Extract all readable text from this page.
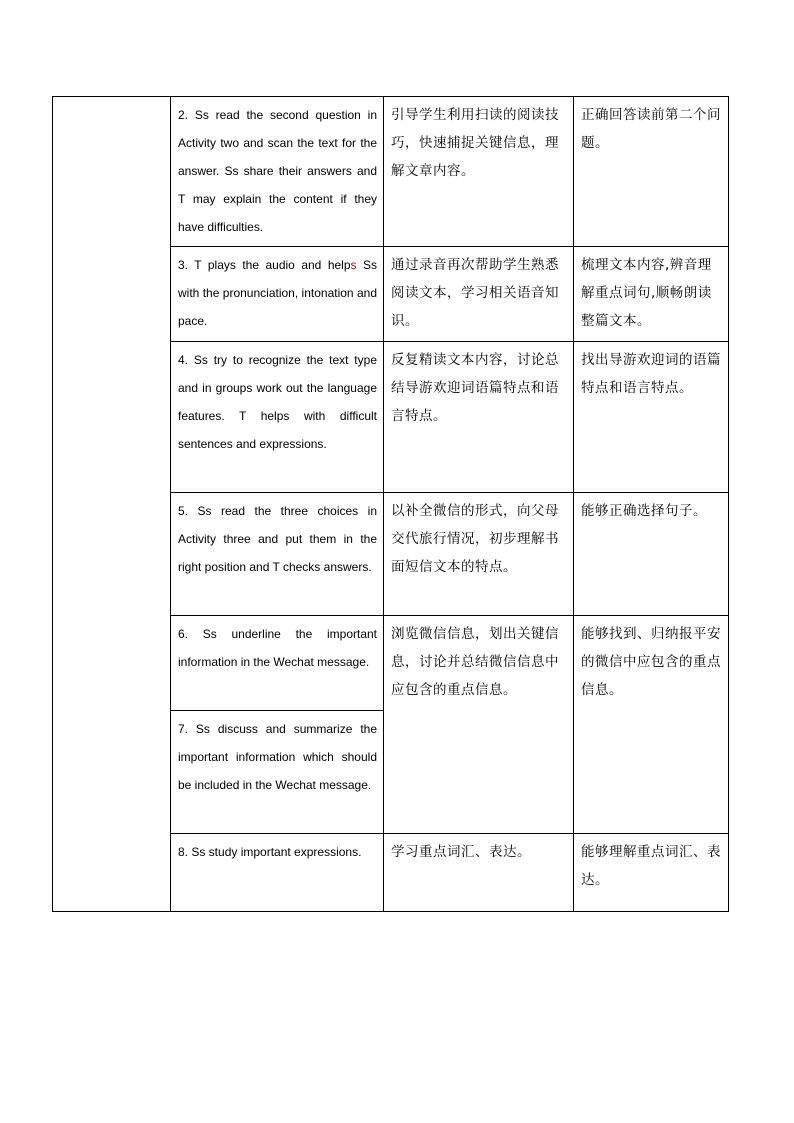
	2. Ss read the second question in Activity two and scan the text for the answer. Ss share their answers and T may explain the content if they have difficulties.	引导学生利用扫读的阅读技巧，快速捕捉关键信息，理解文章内容。	正确回答读前第二个问题。
	3. T plays the audio and helps Ss with the pronunciation, intonation and pace.	通过录音再次帮助学生熟悉阅读文本，学习相关语音知识。	梳理文本内容,辨音理解重点词句,顺畅朗读整篇文本。
	4. Ss try to recognize the text type and in groups work out the language features. T helps with difficult sentences and expressions.	反复精读文本内容，讨论总结导游欢迎词语篇特点和语言特点。	找出导游欢迎词的语篇特点和语言特点。
	5. Ss read the three choices in Activity three and put them in the right position and T checks answers.	以补全微信的形式，向父母交代旅行情况，初步理解书面短信文本的特点。	能够正确选择句子。
	6. Ss underline the important information in the Wechat message.	浏览微信信息，划出关键信息，讨论并总结微信信息中应包含的重点信息。	能够找到、归纳报平安的微信中应包含的重点信息。
	7. Ss discuss and summarize the important information which should be included in the Wechat message.		
	8. Ss study important expressions.	学习重点词汇、表达。	能够理解重点词汇、表达。
